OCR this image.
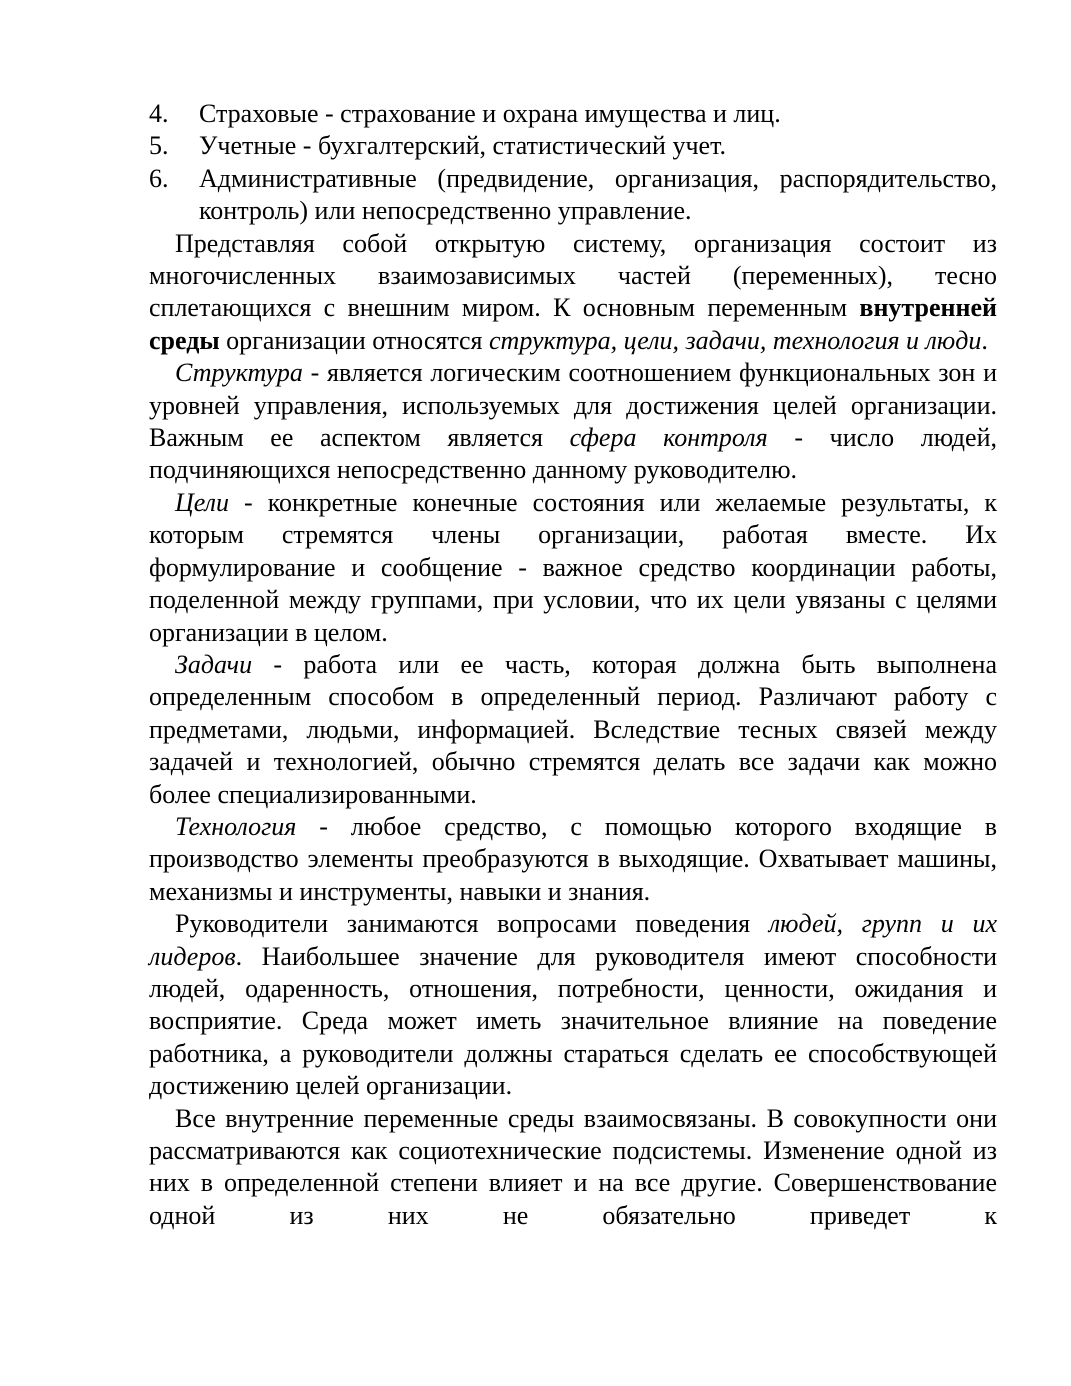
4.	Страховые - страхование и охрана имущества и лиц.
5.	Учетные - бухгалтерский, статистический учет.
6.	Административные (предвидение, организация, распорядительство, контроль) или непосредственно управление.

Представляя собой открытую систему, организация состоит из многочисленных взаимозависимых частей (переменных), тесно сплетающихся с внешним миром. К основным переменным внутренней среды организации относятся структура, цели, задачи, технология и люди.

Структура - является логическим соотношением функциональных зон и уровней управления, используемых для достижения целей организации. Важным ее аспектом является сфера контроля - число людей, подчиняющихся непосредственно данному руководителю.

Цели - конкретные конечные состояния или желаемые результаты, к которым стремятся члены организации, работая вместе. Их формулирование и сообщение - важное средство координации работы, поделенной между группами, при условии, что их цели увязаны с целями организации в целом.

Задачи - работа или ее часть, которая должна быть выполнена определенным способом в определенный период. Различают работу с предметами, людьми, информацией. Вследствие тесных связей между задачей и технологией, обычно стремятся делать все задачи как можно более специализированными.

Технология - любое средство, с помощью которого входящие в производство элементы преобразуются в выходящие. Охватывает машины, механизмы и инструменты, навыки и знания.

Руководители занимаются вопросами поведения людей, групп и их лидеров. Наибольшее значение для руководителя имеют способности людей, одаренность, отношения, потребности, ценности, ожидания и восприятие. Среда может иметь значительное влияние на поведение работника, а руководители должны стараться сделать ее способствующей достижению целей организации.

Все внутренние переменные среды взаимосвязаны. В совокупности они рассматриваются как социотехнические подсистемы. Изменение одной из них в определенной степени влияет и на все другие. Совершенствование одной из них не обязательно приведет к
